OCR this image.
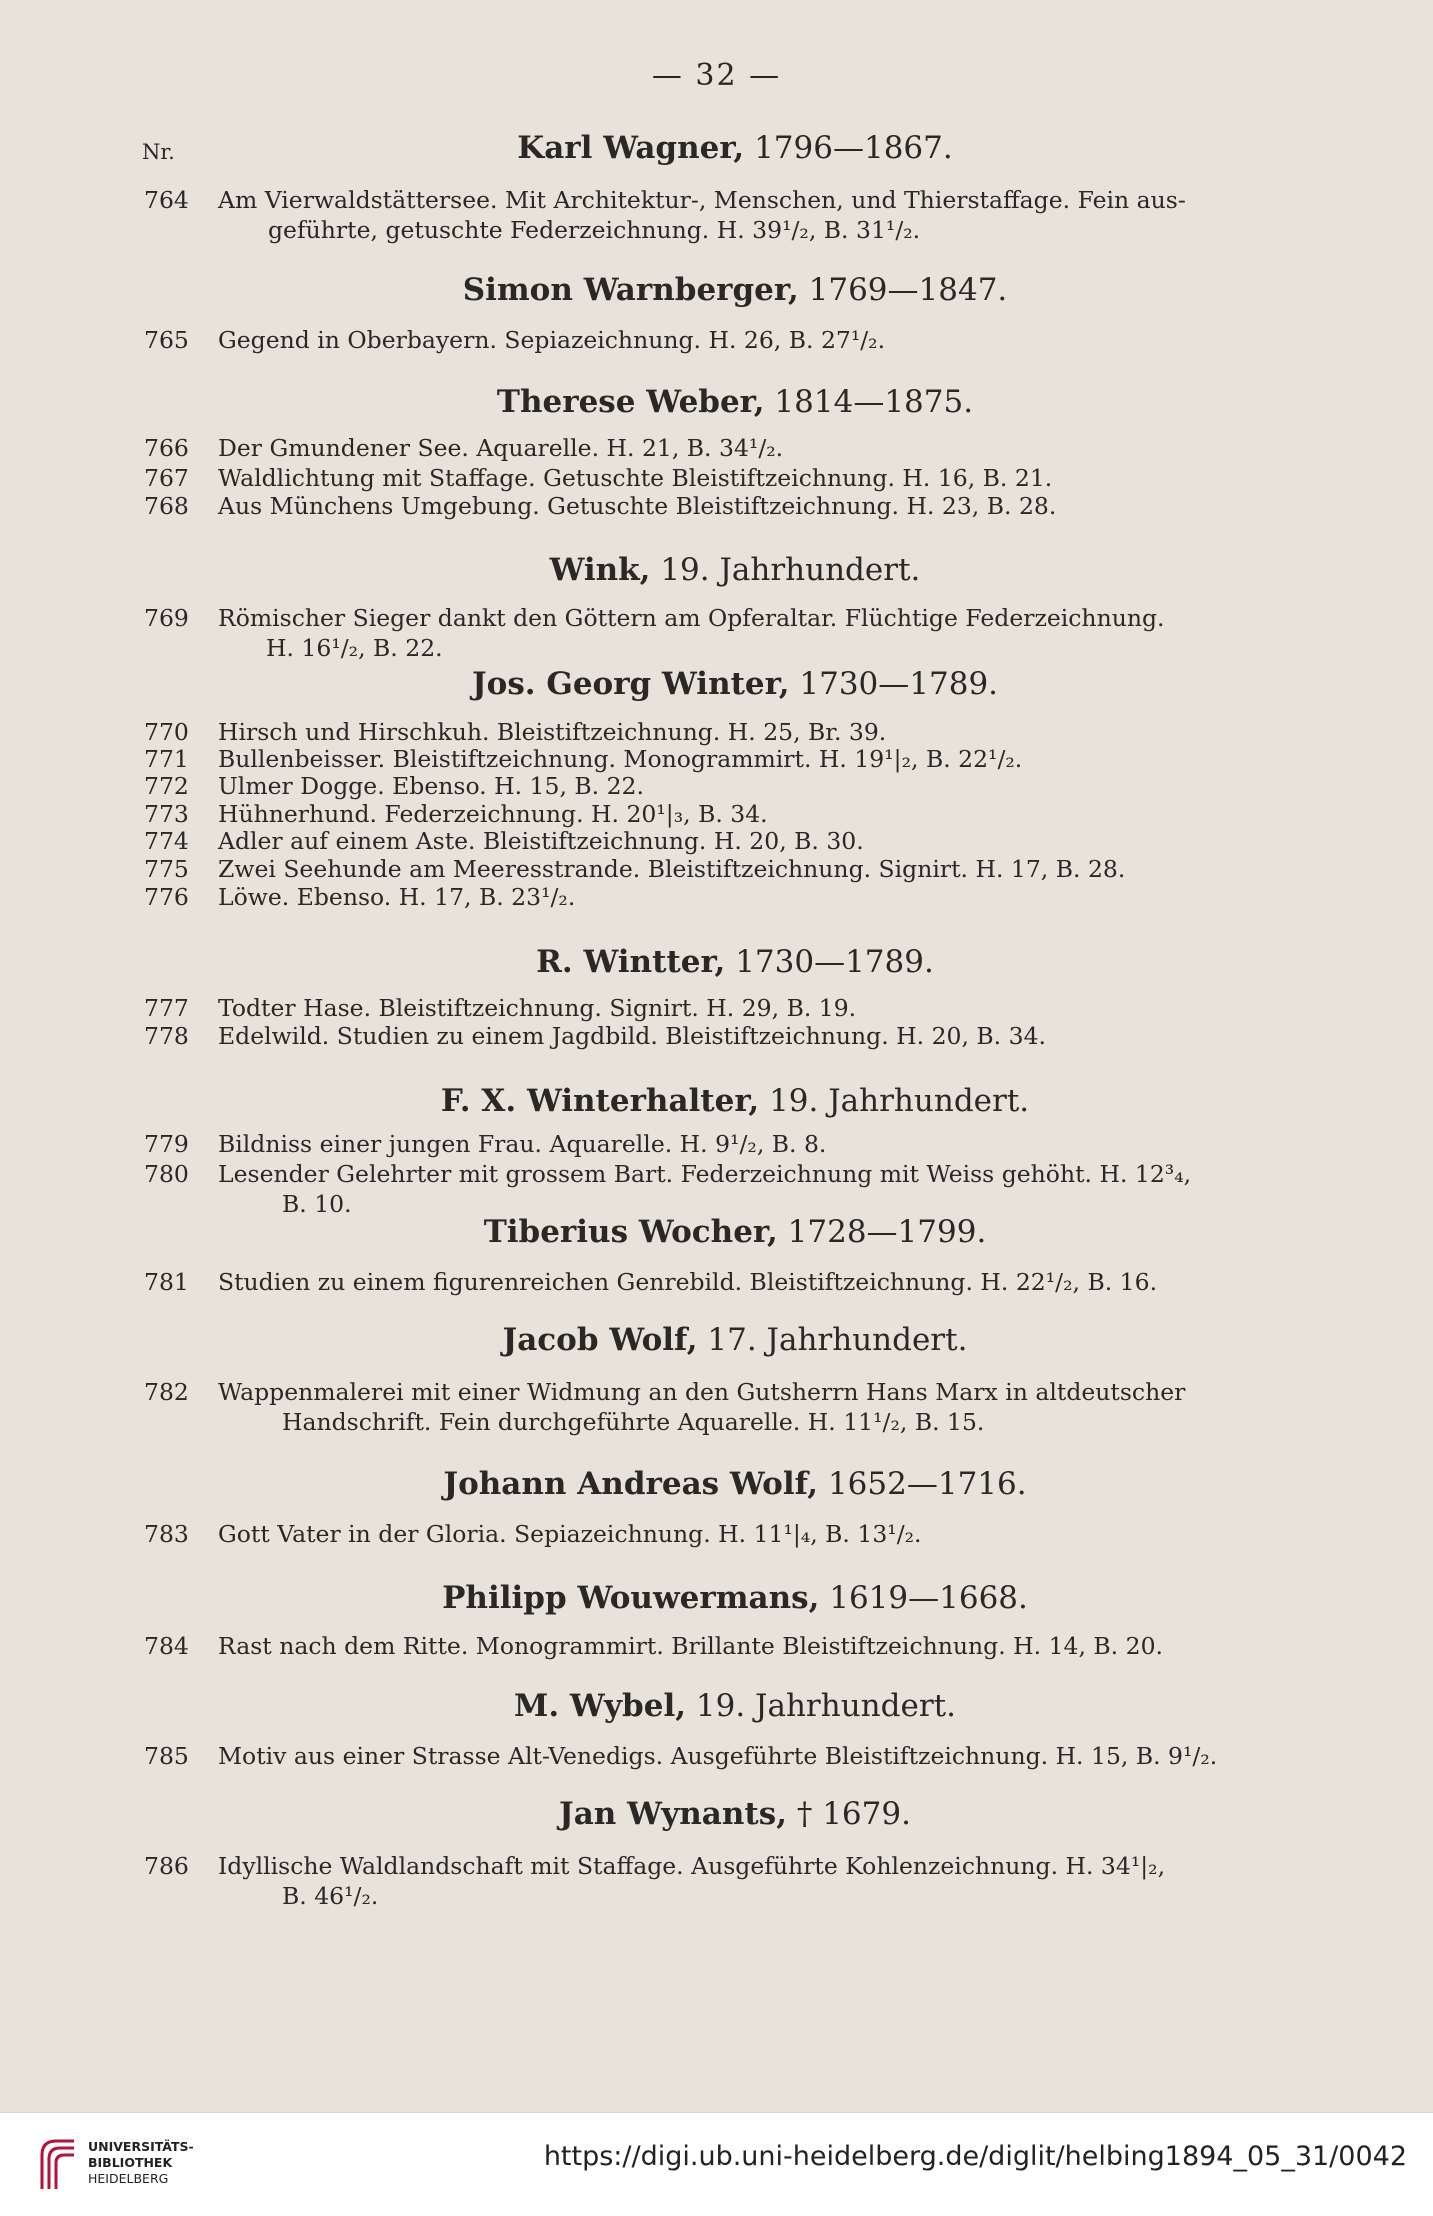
— 32 —
Nr.	Karl Wagner, 1796—1867.
764 Am Vierwaldstättersee. Mit Architektur-, Menschen, und Thierstaffage. Fein aus-
geführte, getuschte Federzeichnung. H. 39¹/₂, B. 31¹/₂.
Simon Warnberger, 1769—1847.
765 Gegend in Oberbayern. Sepiazeichnung. H. 26, B. 27¹/₂.
Therese Weber, 1814—1875.
766 Der Gmundener See. Aquarelle. H. 21, B. 34¹/₂.
767 Waldlichtung mit Staffage. Getuschte Bleistiftzeichnung. H. 16, B. 21.
768 Aus Münchens Umgebung. Getuschte Bleistiftzeichnung. H. 23, B. 28.
Wink, 19. Jahrhundert.
769 Römischer Sieger dankt den Göttern am Opferaltar. Flüchtige Federzeichnung.
H. 16¹/₂, B. 22.
Jos. Georg Winter, 1730—1789.
770 Hirsch und Hirschkuh. Bleistiftzeichnung. H. 25, Br. 39.
771 Bullenbeisser. Bleistiftzeichnung. Monogrammirt. H. 19¹|₂, B. 22¹/₂.
772 Ulmer Dogge. Ebenso. H. 15, B. 22.
773 Hühnerhund. Federzeichnung. H. 20¹|₃, B. 34.
774 Adler auf einem Aste. Bleistiftzeichnung. H. 20, B. 30.
775 Zwei Seehunde am Meeresstrande. Bleistiftzeichnung. Signirt. H. 17, B. 28.
776 Löwe. Ebenso. H. 17, B. 23¹/₂.
R. Wintter, 1730—1789.
777 Todter Hase. Bleistiftzeichnung. Signirt. H. 29, B. 19.
778 Edelwild. Studien zu einem Jagdbild. Bleistiftzeichnung. H. 20, B. 34.
F. X. Winterhalter, 19. Jahrhundert.
779 Bildniss einer jungen Frau. Aquarelle. H. 9¹/₂, B. 8.
780 Lesender Gelehrter mit grossem Bart. Federzeichnung mit Weiss gehöht. H. 12³₄,
B. 10.
Tiberius Wocher, 1728—1799.
781 Studien zu einem figurenreichen Genrebild. Bleistiftzeichnung. H. 22¹/₂, B. 16.
Jacob Wolf, 17. Jahrhundert.
782 Wappenmalerei mit einer Widmung an den Gutsherrn Hans Marx in altdeutscher
Handschrift. Fein durchgeführte Aquarelle. H. 11¹/₂, B. 15.
Johann Andreas Wolf, 1652—1716.
783 Gott Vater in der Gloria. Sepiazeichnung. H. 11¹|₄, B. 13¹/₂.
Philipp Wouwermans, 1619—1668.
784 Rast nach dem Ritte. Monogrammirt. Brillante Bleistiftzeichnung. H. 14, B. 20.
M. Wybel, 19. Jahrhundert.
785 Motiv aus einer Strasse Alt-Venedigs. Ausgeführte Bleistiftzeichnung. H. 15, B. 9¹/₂.
Jan Wynants, † 1679.
786 Idyllische Waldlandschaft mit Staffage. Ausgeführte Kohlenzeichnung. H. 34¹|₂,
B. 46¹/₂.
UNIVERSITÄTS-
BIBLIOTHEK
HEIDELBERG
https://digi.ub.uni-heidelberg.de/diglit/helbing1894_05_31/0042
